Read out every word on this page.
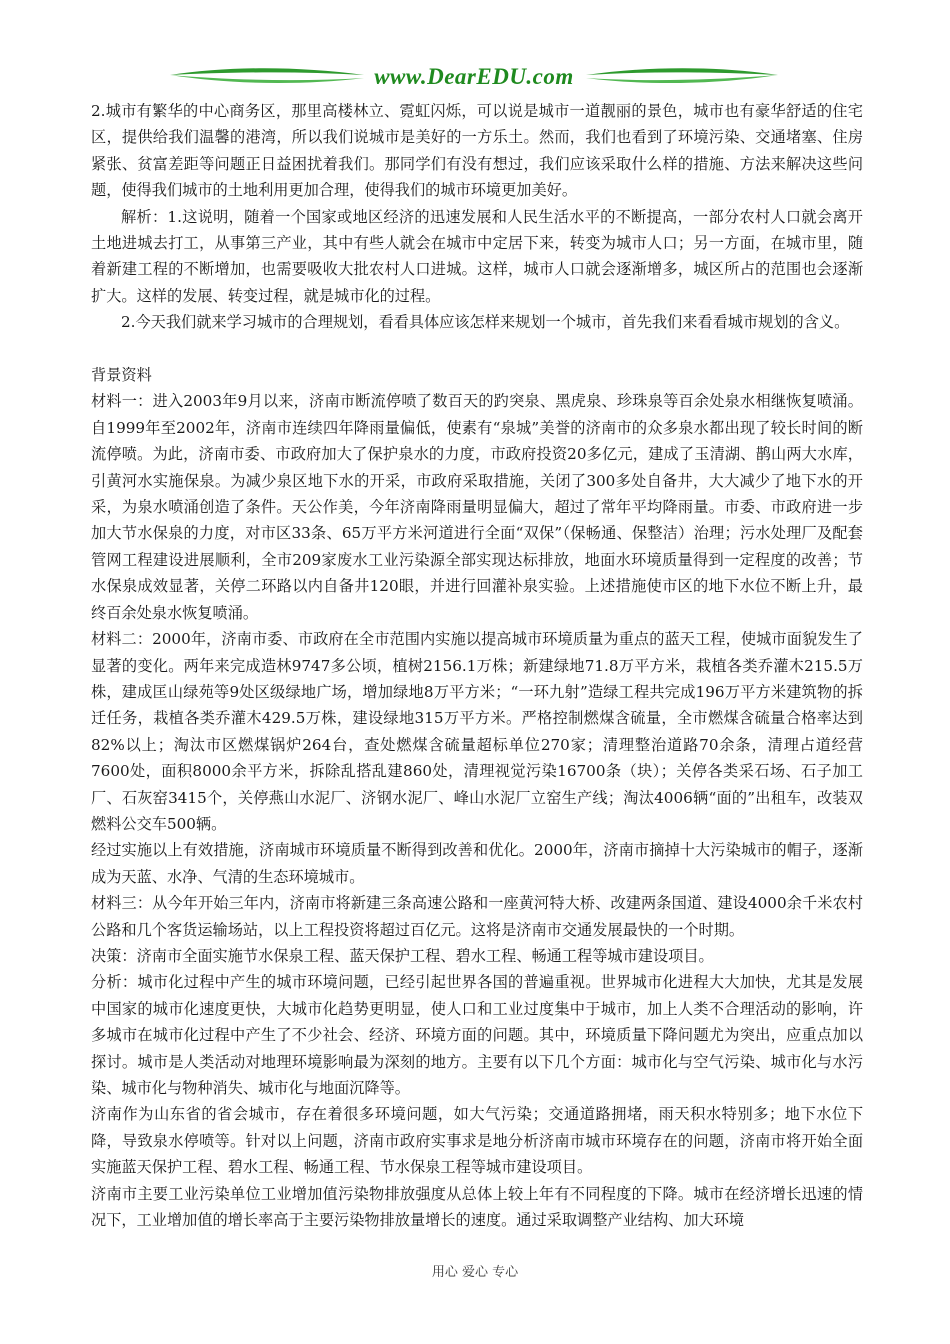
www.DearEDU.com

2.城市有繁华的中心商务区，那里高楼林立、霓虹闪烁，可以说是城市一道靓丽的景色，城市也有豪华舒适的住宅区，提供给我们温馨的港湾，所以我们说城市是美好的一方乐土。然而，我们也看到了环境污染、交通堵塞、住房紧张、贫富差距等问题正日益困扰着我们。那同学们有没有想过，我们应该采取什么样的措施、方法来解决这些问题，使得我们城市的土地利用更加合理，使得我们的城市环境更加美好。

解析：1.这说明，随着一个国家或地区经济的迅速发展和人民生活水平的不断提高，一部分农村人口就会离开土地进城去打工，从事第三产业，其中有些人就会在城市中定居下来，转变为城市人口；另一方面，在城市里，随着新建工程的不断增加，也需要吸收大批农村人口进城。这样，城市人口就会逐渐增多，城区所占的范围也会逐渐扩大。这样的发展、转变过程，就是城市化的过程。

2.今天我们就来学习城市的合理规划，看看具体应该怎样来规划一个城市，首先我们来看看城市规划的含义。

背景资料

材料一：进入2003年9月以来，济南市断流停喷了数百天的趵突泉、黑虎泉、珍珠泉等百余处泉水相继恢复喷涌。自1999年至2002年，济南市连续四年降雨量偏低，使素有“泉城”美誉的济南市的众多泉水都出现了较长时间的断流停喷。为此，济南市委、市政府加大了保护泉水的力度，市政府投资20多亿元，建成了玉清湖、鹊山两大水库，引黄河水实施保泉。为减少泉区地下水的开采，市政府采取措施，关闭了300多处自备井，大大减少了地下水的开采，为泉水喷涌创造了条件。天公作美，今年济南降雨量明显偏大，超过了常年平均降雨量。市委、市政府进一步加大节水保泉的力度，对市区33条、65万平方米河道进行全面“双保”（保畅通、保整洁）治理；污水处理厂及配套管网工程建设进展顺利，全市209家废水工业污染源全部实现达标排放，地面水环境质量得到一定程度的改善；节水保泉成效显著，关停二环路以内自备井120眼，并进行回灌补泉实验。上述措施使市区的地下水位不断上升，最终百余处泉水恢复喷涌。

材料二：2000年，济南市委、市政府在全市范围内实施以提高城市环境质量为重点的蓝天工程，使城市面貌发生了显著的变化。两年来完成造林9747多公顷，植树2156.1万株；新建绿地71.8万平方米，栽植各类乔灌木215.5万株，建成匡山绿苑等9处区级绿地广场，增加绿地8万平方米；“一环九射”造绿工程共完成196万平方米建筑物的拆迁任务，栽植各类乔灌木429.5万株，建设绿地315万平方米。严格控制燃煤含硫量，全市燃煤含硫量合格率达到82%以上；淘汰市区燃煤锅炉264台，查处燃煤含硫量超标单位270家；清理整治道路70余条，清理占道经营7600处，面积8000余平方米，拆除乱搭乱建860处，清理视觉污染16700条（块）；关停各类采石场、石子加工厂、石灰窑3415个，关停燕山水泥厂、济钢水泥厂、峰山水泥厂立窑生产线；淘汰4006辆“面的”出租车，改装双燃料公交车500辆。

经过实施以上有效措施，济南城市环境质量不断得到改善和优化。2000年，济南市摘掉十大污染城市的帽子，逐渐成为天蓝、水净、气清的生态环境城市。

材料三：从今年开始三年内，济南市将新建三条高速公路和一座黄河特大桥、改建两条国道、建设4000余千米农村公路和几个客货运输场站，以上工程投资将超过百亿元。这将是济南市交通发展最快的一个时期。

决策：济南市全面实施节水保泉工程、蓝天保护工程、碧水工程、畅通工程等城市建设项目。

分析：城市化过程中产生的城市环境问题，已经引起世界各国的普遍重视。世界城市化进程大大加快，尤其是发展中国家的城市化速度更快，大城市化趋势更明显，使人口和工业过度集中于城市，加上人类不合理活动的影响，许多城市在城市化过程中产生了不少社会、经济、环境方面的问题。其中，环境质量下降问题尤为突出，应重点加以探讨。城市是人类活动对地理环境影响最为深刻的地方。主要有以下几个方面：城市化与空气污染、城市化与水污染、城市化与物种消失、城市化与地面沉降等。

济南作为山东省的省会城市，存在着很多环境问题，如大气污染；交通道路拥堵，雨天积水特别多；地下水位下降，导致泉水停喷等。针对以上问题，济南市政府实事求是地分析济南市城市环境存在的问题，济南市将开始全面实施蓝天保护工程、碧水工程、畅通工程、节水保泉工程等城市建设项目。

济南市主要工业污染单位工业增加值污染物排放强度从总体上较上年有不同程度的下降。城市在经济增长迅速的情况下，工业增加值的增长率高于主要污染物排放量增长的速度。通过采取调整产业结构、加大环境

用心 爱心 专心
